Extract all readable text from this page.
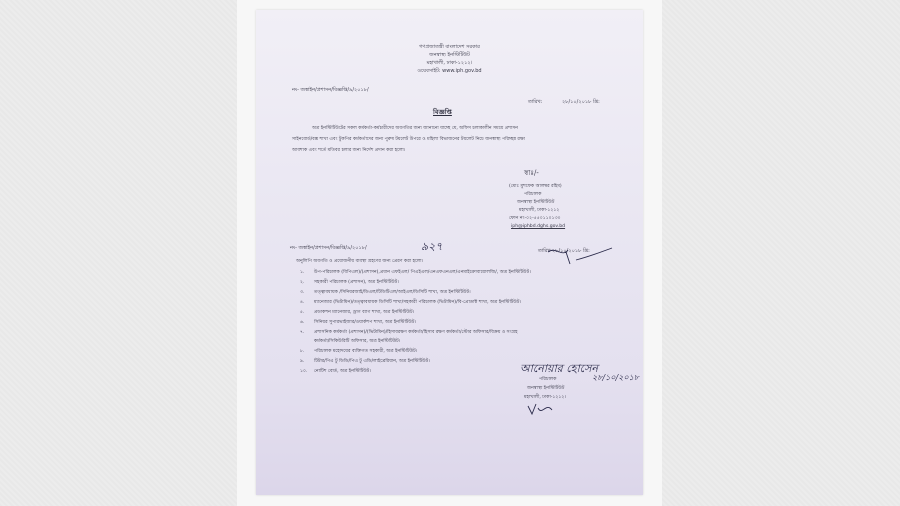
গণপ্রজাতন্ত্রী বাংলাদেশ সরকার
জনস্বাস্থ্য ইনস্টিটিউট
মহাখালী, ঢাকা-১২১২।
ওয়েবসাইট: www.iph.gov.bd
নং- জস্বাইন/প্রশাসন/বিজ্ঞপ্তি/৯/২০১৮/
তারিখ:	২৮/১০/২০১৮ খ্রি:
বিজ্ঞপ্তি
অত্র ইনস্টিটিউটের সকল কর্মকর্তা-কর্মচারীদের অবগতির জন্য জানানো যাচ্ছে যে, অফিস চলাকালীন সময়ে প্রশাসন
সাইনবোর্ড/বক্স শাখা এবং টুকপির কর্মকর্তাদের জন্য পুরুষ টয়লেট উপরে ও মহিলা বিভাজনের টয়লেট নিচে জনস্বাস্থ্য পরিচ্ছন্ন রক্ষা
আবশ্যক এবং শর্তে মতিবর চলার জন্য নির্দেশ প্রদান করা হলো।
স্বাঃ/-
(মোঃ মুশফেক আলম্বর রহিম)
পরিচালক
জনস্বাস্থ্য ইনস্টিটিউট
মহাখালী, ঢাকা-১২১২
ফোন নং-০২-৫৫০১১০১৩০
iph@iphbd.dghs.gov.bd
নং- জস্বাইন/প্রশাসন/বিজ্ঞপ্তি/৯/২০১৮/	৯২৭	তারিখ ২৮/১০/২০১৮ খ্রি:
অনুলিপি অবগতি ও প্রয়োজনীয় ব্যবস্থা গ্রহণের জন্য প্রেরণ করা হলো।
১. উপ-পরিচালক (বিপিএল)/(প্রশাসন),প্রধান এফইএল/ পিএইএল/এনএফএনএল/এনমাইক্রোবায়োলজি/, অত্র ইনস্টিটিউট।
২. সহকারী পরিচালক (প্রশাসন), অত্র ইনস্টিটিউট।
৩. তত্ত্বাবধায়ক /সিনিয়রজাই/ডিএল/টিডিটিএল/আইএল/ডিসিটি শাখা, অত্র ইনস্টিটিউট।
৪. ম্যানেজার (ভিটামিন)/তত্ত্বাবধায়ক ডিসিটি শাখা/সহকারী পরিচালক (ভিটামিন)/বি-প্রোডাক্ট শাখা, অত্র ইনস্টিটিউট।
৫. প্রডাকশন ম্যানেজার, ড্রাগ ব্যাগ শাখা, অত্র ইনস্টিটিউট।
৬. সিনিয়র সুপারভাইজার/ওয়ার্কশপ শাখা, অত্র ইনস্টিটিউট।
৭. প্রশাসনিক কর্মকর্তা (প্রশাসন)/(ভিটামিন)/হিসাবরক্ষণ কর্মকর্তা/হিসাব রক্ষণ কর্মকর্তা/স্টোর অফিসার/বিক্রয় ও সংগ্রহ
কর্মকর্তা/সিকিউরিটি অফিসার, অত্র ইনস্টিটিউট।
৮. পরিচালক মহোদয়ের ব্যক্তিগত সহকারী, অত্র ইনস্টিটিউট।
৯. টিটার/পিএ টু ডিডি/পিএ টু এডি/লাইব্রেরিয়ান, অত্র ইনস্টিটিউট।
১০. নোটিশ বোর্ড, অত্র ইনস্টিটিউট।	আনোয়ার হোসেন
২৮/১০/২০১৮
পরিচালক
জনস্বাস্থ্য ইনস্টিটিউট
মহাখালী, ঢাকা-১২১২।
